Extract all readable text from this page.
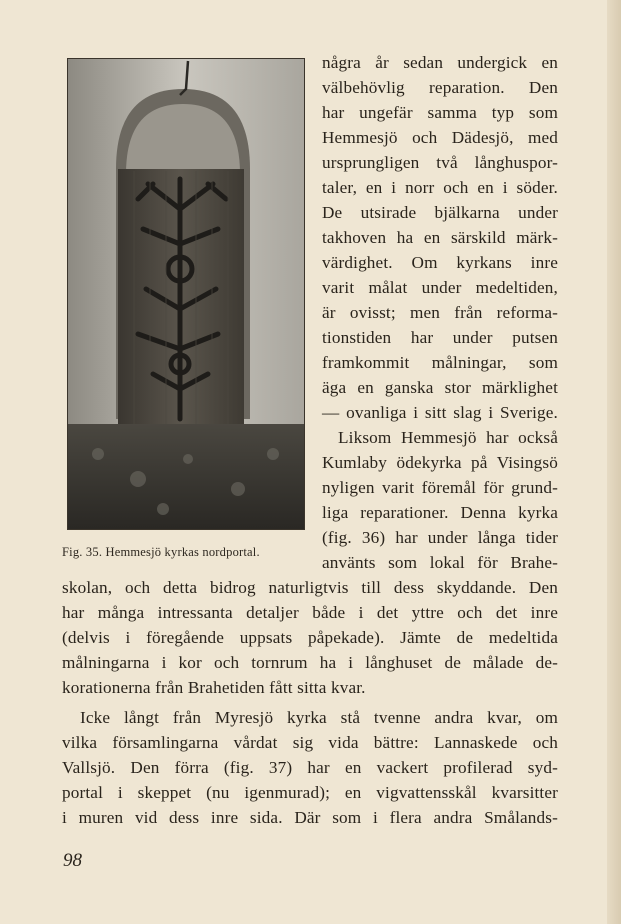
Fig. 35. Hemmesjö kyrkas nordportal.
några år sedan undergick en
välbehövlig reparation. Den
har ungefär samma typ som
Hemmesjö och Dädesjö, med
ursprungligen två långhuspor-
taler, en i norr och en i söder.
De utsirade bjälkarna under
takhoven ha en särskild märk-
värdighet. Om kyrkans inre
varit målat under medeltiden,
är ovisst; men från reforma-
tionstiden har under putsen
framkommit målningar, som
äga en ganska stor märklighet
— ovanliga i sitt slag i Sverige.
Liksom Hemmesjö har också
Kumlaby ödekyrka på Visingsö
nyligen varit föremål för grund-
liga reparationer. Denna kyrka
(fig. 36) har under långa tider
använts som lokal för Brahe-
skolan, och detta bidrog naturligtvis till dess skyddande. Den
har många intressanta detaljer både i det yttre och det inre
(delvis i föregående uppsats påpekade). Jämte de medeltida
målningarna i kor och tornrum ha i långhuset de målade de-
korationerna från Brahetiden fått sitta kvar.
Icke långt från Myresjö kyrka stå tvenne andra kvar, om
vilka församlingarna vårdat sig vida bättre: Lannaskede och
Vallsjö. Den förra (fig. 37) har en vackert profilerad syd-
portal i skeppet (nu igenmurad); en vigvattensskål kvarsitter
i muren vid dess inre sida. Där som i flera andra Smålands-
98
